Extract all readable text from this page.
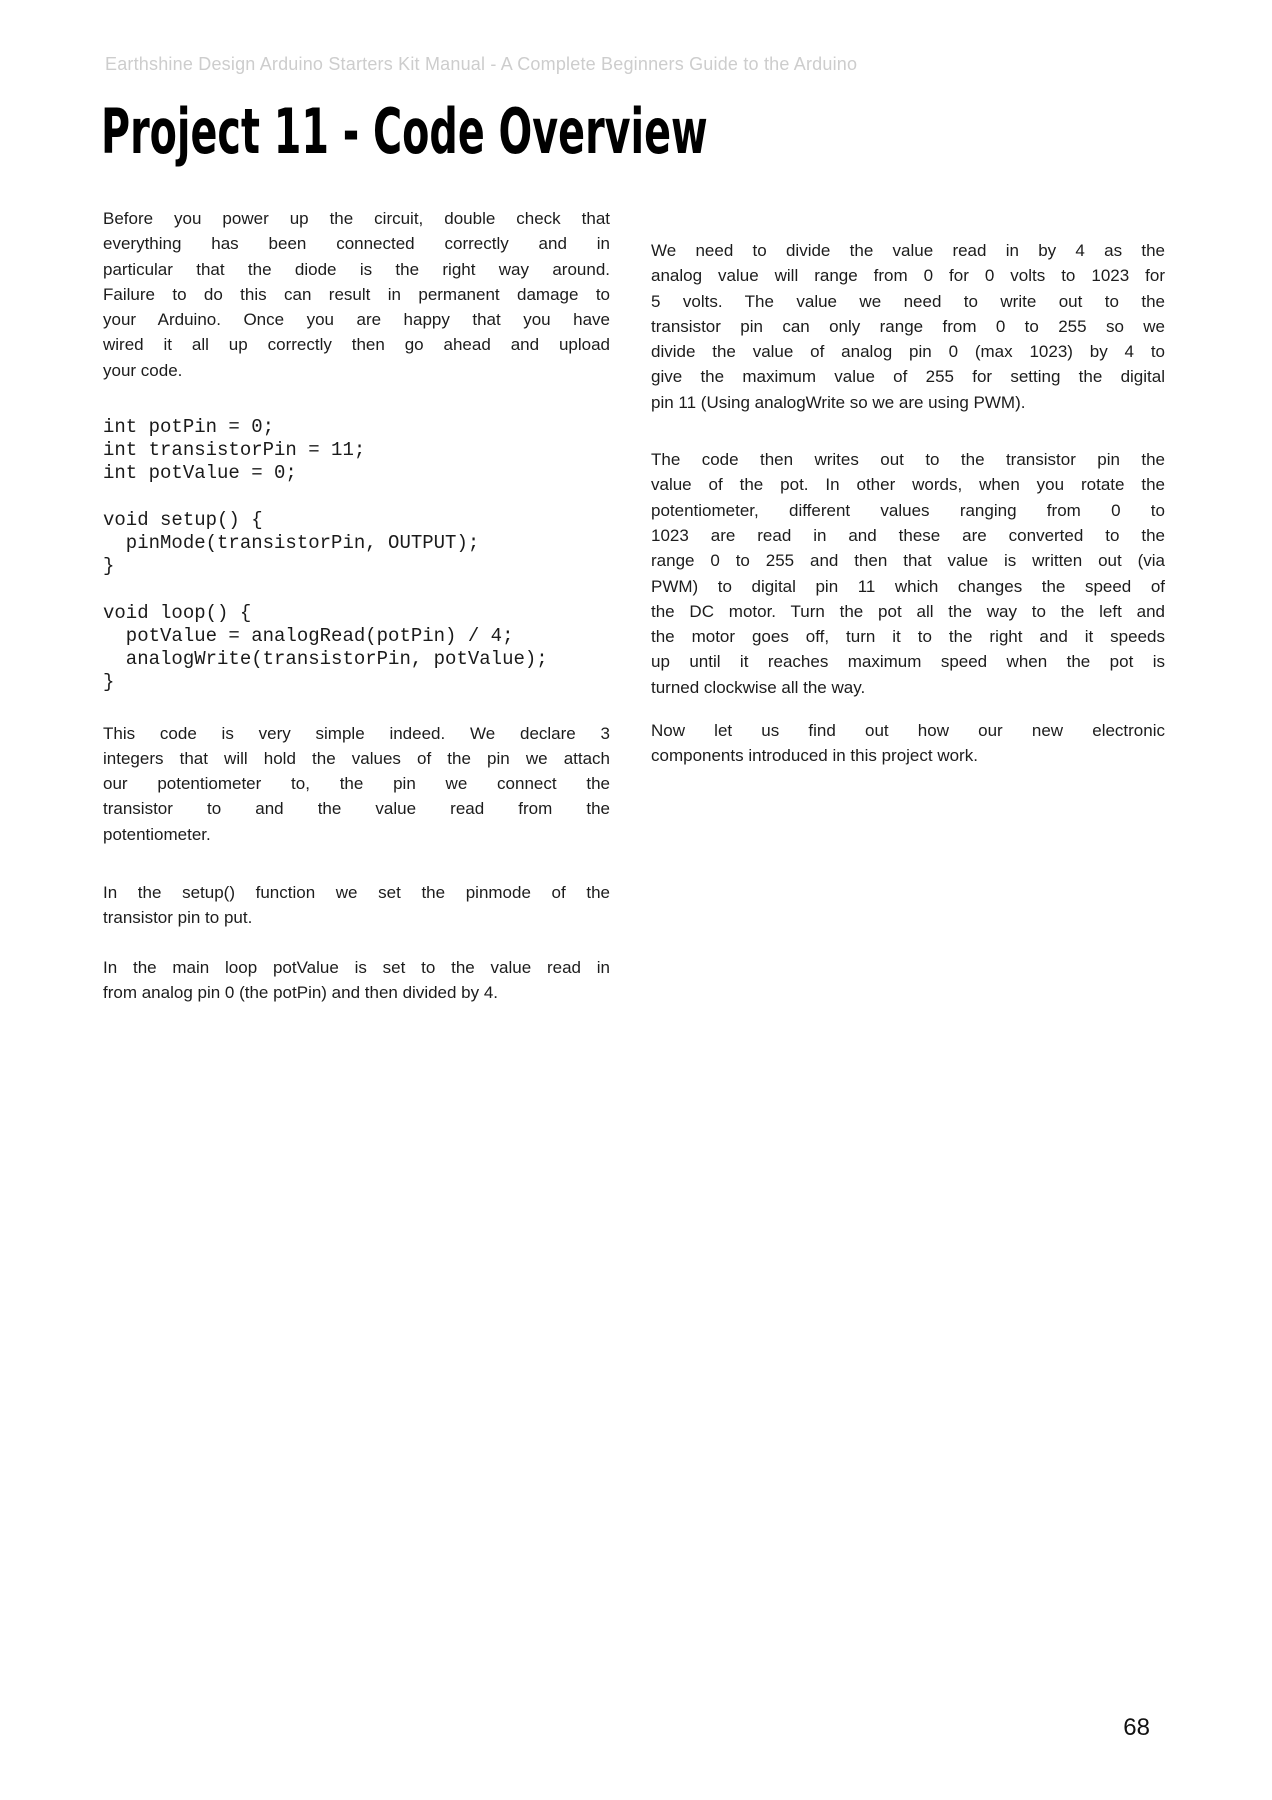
Earthshine Design Arduino Starters Kit Manual - A Complete Beginners Guide to the Arduino
Project 11 - Code Overview
Before you power up the circuit, double check that
everything has been connected correctly and in
particular that the diode is the right way around.
Failure to do this can result in permanent damage to
your Arduino. Once you are happy that you have
wired it all up correctly then go ahead and upload
your code.
int potPin = 0;
int transistorPin = 11;
int potValue = 0;

void setup() {
pinMode(transistorPin, OUTPUT);
}

void loop() {
potValue = analogRead(potPin) / 4;
analogWrite(transistorPin, potValue);
}
This code is very simple indeed. We declare 3
integers that will hold the values of the pin we attach
our potentiometer to, the pin we connect the
transistor to and the value read from the
potentiometer.
In the setup() function we set the pinmode of the
transistor pin to put.
In the main loop potValue is set to the value read in
from analog pin 0 (the potPin) and then divided by 4.
We need to divide the value read in by 4 as the
analog value will range from 0 for 0 volts to 1023 for
5 volts. The value we need to write out to the
transistor pin can only range from 0 to 255 so we
divide the value of analog pin 0 (max 1023) by 4 to
give the maximum value of 255 for setting the digital
pin 11 (Using analogWrite so we are using PWM).
The code then writes out to the transistor pin the
value of the pot. In other words, when you rotate the
potentiometer, different values ranging from 0 to
1023 are read in and these are converted to the
range 0 to 255 and then that value is written out (via
PWM) to digital pin 11 which changes the speed of
the DC motor. Turn the pot all the way to the left and
the motor goes off, turn it to the right and it speeds
up until it reaches maximum speed when the pot is
turned clockwise all the way.
Now let us find out how our new electronic
components introduced in this project work.
68
